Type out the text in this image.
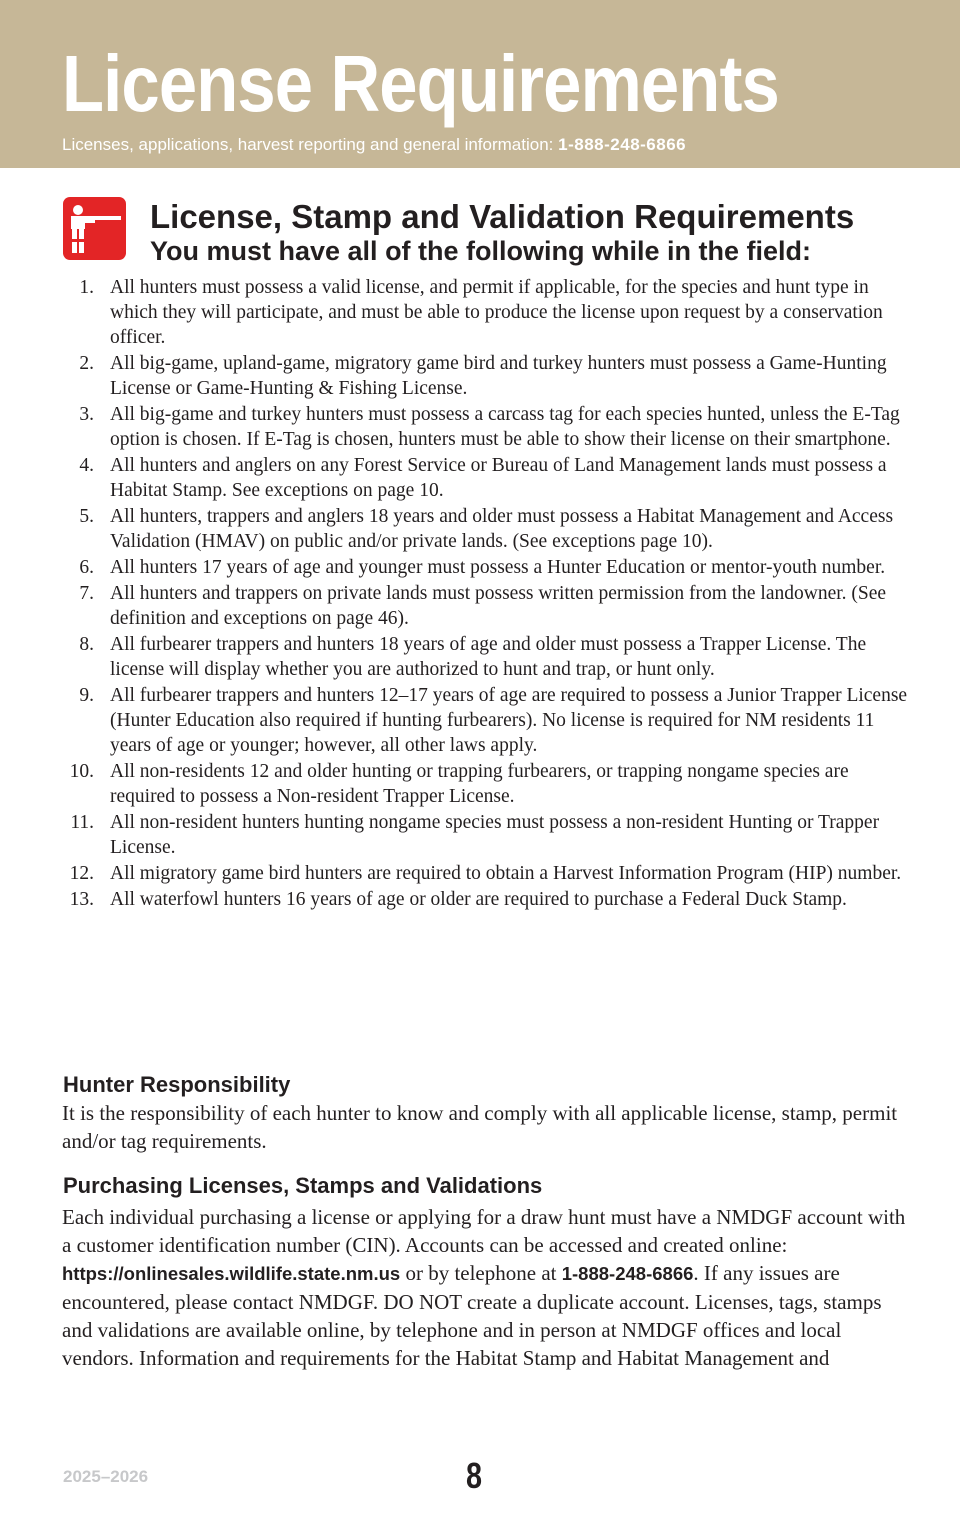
License Requirements
Licenses, applications, harvest reporting and general information: 1-888-248-6866
License, Stamp and Validation Requirements
You must have all of the following while in the field:
1. All hunters must possess a valid license, and permit if applicable, for the species and hunt type in which they will participate, and must be able to produce the license upon request by a conservation officer.
2. All big-game, upland-game, migratory game bird and turkey hunters must possess a Game-Hunting License or Game-Hunting & Fishing License.
3. All big-game and turkey hunters must possess a carcass tag for each species hunted, unless the E-Tag option is chosen. If E-Tag is chosen, hunters must be able to show their license on their smartphone.
4. All hunters and anglers on any Forest Service or Bureau of Land Management lands must possess a Habitat Stamp. See exceptions on page 10.
5. All hunters, trappers and anglers 18 years and older must possess a Habitat Management and Access Validation (HMAV) on public and/or private lands. (See exceptions page 10).
6. All hunters 17 years of age and younger must possess a Hunter Education or mentor-youth number.
7. All hunters and trappers on private lands must possess written permission from the landowner. (See definition and exceptions on page 46).
8. All furbearer trappers and hunters 18 years of age and older must possess a Trapper License. The license will display whether you are authorized to hunt and trap, or hunt only.
9. All furbearer trappers and hunters 12–17 years of age are required to possess a Junior Trapper License (Hunter Education also required if hunting furbearers). No license is required for NM residents 11 years of age or younger; however, all other laws apply.
10. All non-residents 12 and older hunting or trapping furbearers, or trapping nongame species are required to possess a Non-resident Trapper License.
11. All non-resident hunters hunting nongame species must possess a non-resident Hunting or Trapper License.
12. All migratory game bird hunters are required to obtain a Harvest Information Program (HIP) number.
13. All waterfowl hunters 16 years of age or older are required to purchase a Federal Duck Stamp.
Hunter Responsibility
It is the responsibility of each hunter to know and comply with all applicable license, stamp, permit and/or tag requirements.
Purchasing Licenses, Stamps and Validations
Each individual purchasing a license or applying for a draw hunt must have a NMDGF account with a customer identification number (CIN). Accounts can be accessed and created online: https://onlinesales.wildlife.state.nm.us or by telephone at 1-888-248-6866. If any issues are encountered, please contact NMDGF. DO NOT create a duplicate account. Licenses, tags, stamps and validations are available online, by telephone and in person at NMDGF offices and local vendors. Information and requirements for the Habitat Stamp and Habitat Management and
2025–2026	8
